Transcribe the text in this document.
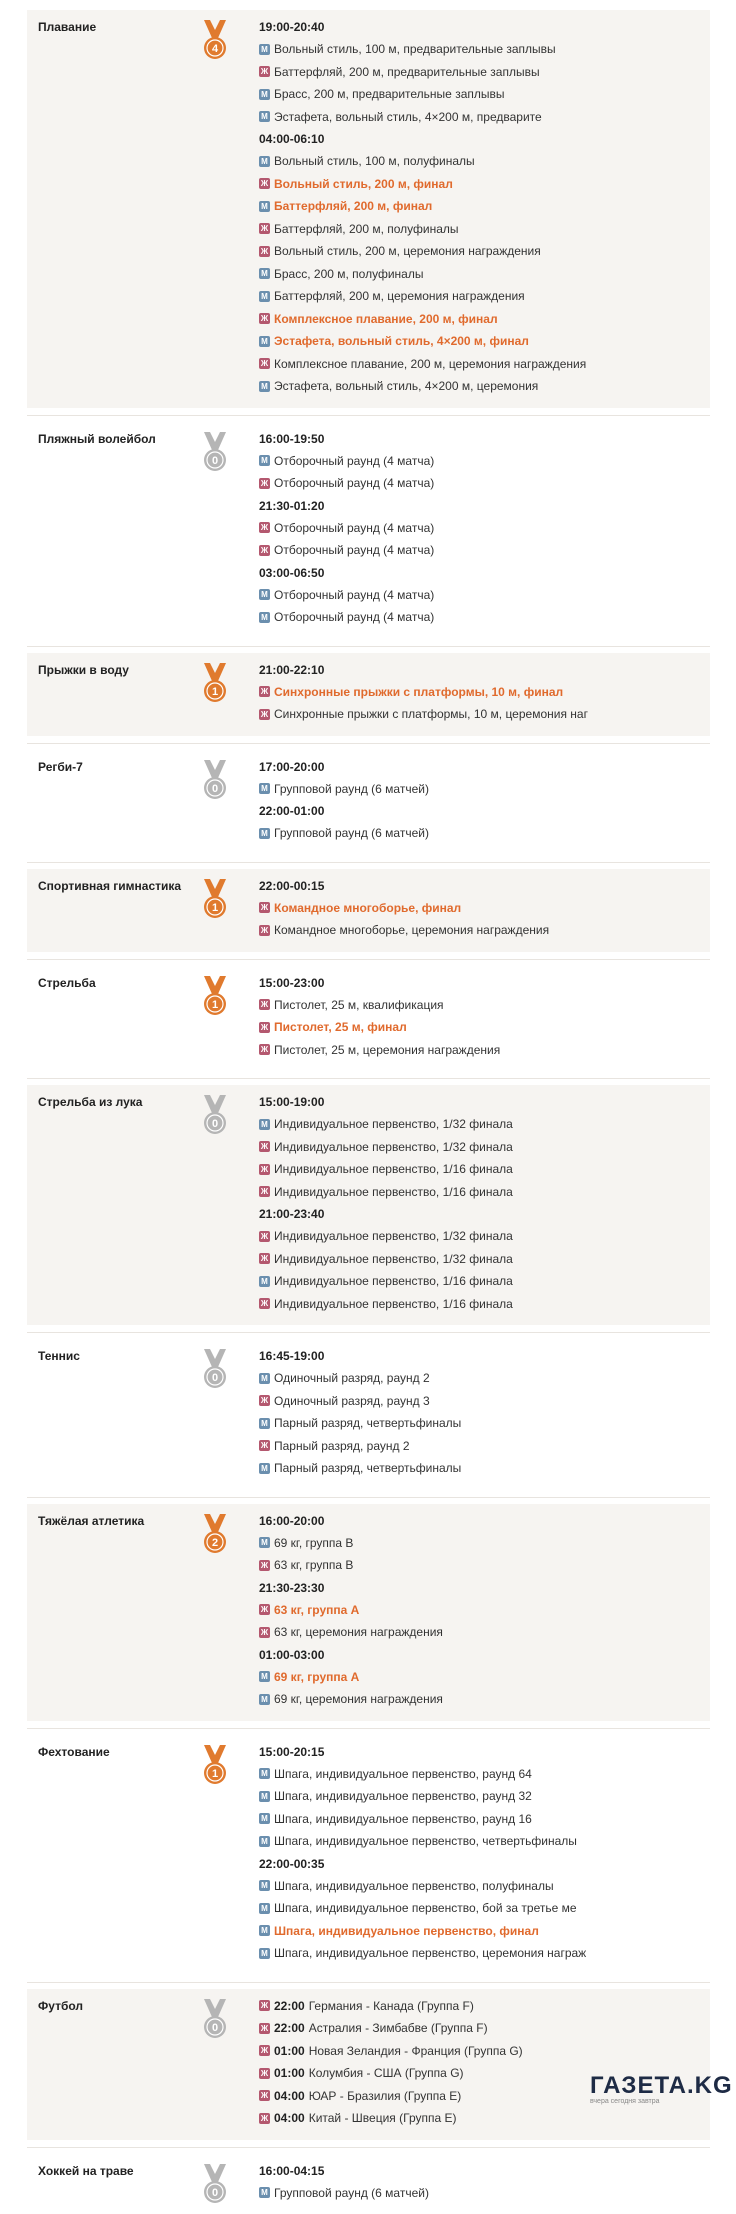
Плавание
4
19:00-20:40
М Вольный стиль, 100 м, предварительные заплывы
Ж Баттерфляй, 200 м, предварительные заплывы
М Брасс, 200 м, предварительные заплывы
М Эстафета, вольный стиль, 4×200 м, предварите
04:00-06:10
М Вольный стиль, 100 м, полуфиналы
Ж Вольный стиль, 200 м, финал
М Баттерфляй, 200 м, финал
Ж Баттерфляй, 200 м, полуфиналы
Ж Вольный стиль, 200 м, церемония награждения
М Брасс, 200 м, полуфиналы
М Баттерфляй, 200 м, церемония награждения
Ж Комплексное плавание, 200 м, финал
М Эстафета, вольный стиль, 4×200 м, финал
Ж Комплексное плавание, 200 м, церемония награждения
М Эстафета, вольный стиль, 4×200 м, церемония
Пляжный волейбол
0
16:00-19:50
М Отборочный раунд (4 матча)
Ж Отборочный раунд (4 матча)
21:30-01:20
Ж Отборочный раунд (4 матча)
Ж Отборочный раунд (4 матча)
03:00-06:50
М Отборочный раунд (4 матча)
М Отборочный раунд (4 матча)
Прыжки в воду
1
21:00-22:10
Ж Синхронные прыжки с платформы, 10 м, финал
Ж Синхронные прыжки с платформы, 10 м, церемония наг
Регби-7
0
17:00-20:00
М Групповой раунд (6 матчей)
22:00-01:00
М Групповой раунд (6 матчей)
Спортивная гимнастика
1
22:00-00:15
Ж Командное многоборье, финал
Ж Командное многоборье, церемония награждения
Стрельба
1
15:00-23:00
Ж Пистолет, 25 м, квалификация
Ж Пистолет, 25 м, финал
Ж Пистолет, 25 м, церемония награждения
Стрельба из лука
0
15:00-19:00
М Индивидуальное первенство, 1/32 финала
Ж Индивидуальное первенство, 1/32 финала
Ж Индивидуальное первенство, 1/16 финала
Ж Индивидуальное первенство, 1/16 финала
21:00-23:40
Ж Индивидуальное первенство, 1/32 финала
Ж Индивидуальное первенство, 1/32 финала
М Индивидуальное первенство, 1/16 финала
Ж Индивидуальное первенство, 1/16 финала
Теннис
0
16:45-19:00
М Одиночный разряд, раунд 2
Ж Одиночный разряд, раунд 3
М Парный разряд, четвертьфиналы
Ж Парный разряд, раунд 2
М Парный разряд, четвертьфиналы
Тяжёлая атлетика
2
16:00-20:00
М 69 кг, группа B
Ж 63 кг, группа B
21:30-23:30
Ж 63 кг, группа A
Ж 63 кг, церемония награждения
01:00-03:00
М 69 кг, группа A
М 69 кг, церемония награждения
Фехтование
1
15:00-20:15
М Шпага, индивидуальное первенство, раунд 64
М Шпага, индивидуальное первенство, раунд 32
М Шпага, индивидуальное первенство, раунд 16
М Шпага, индивидуальное первенство, четвертьфиналы
22:00-00:35
М Шпага, индивидуальное первенство, полуфиналы
М Шпага, индивидуальное первенство, бой за третье ме
М Шпага, индивидуальное первенство, финал
М Шпага, индивидуальное первенство, церемония награж
Футбол
0
Ж 22:00 Германия - Канада (Группа F)
Ж 22:00 Астралия - Зимбабве (Группа F)
Ж 01:00 Новая Зеландия - Франция (Группа G)
Ж 01:00 Колумбия - США (Группа G)
Ж 04:00 ЮАР - Бразилия (Группа E)
Ж 04:00 Китай - Швеция (Группа E)
Хоккей на траве
0
16:00-04:15
М Групповой раунд (6 матчей)
ГАЗЕТА.KG
вчера сегодня завтра
